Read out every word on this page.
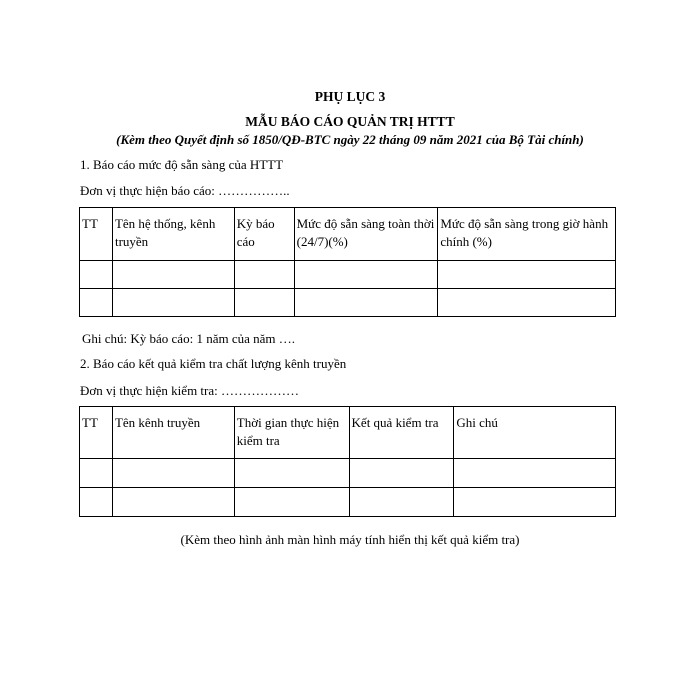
PHỤ LỤC 3
MẪU BÁO CÁO QUẢN TRỊ HTTT
(Kèm theo Quyết định số 1850/QĐ-BTC ngày 22 tháng 09 năm 2021 của Bộ Tài chính)
1. Báo cáo mức độ sẵn sàng của HTTT
Đơn vị thực hiện báo cáo: ……………..
TT	Tên hệ thống, kênh truyền	Kỳ báo cáo	Mức độ sẵn sàng toàn thời (24/7)(%)	Mức độ sẵn sàng trong giờ hành chính (%)

Ghi chú: Kỳ báo cáo: 1 năm của năm ….
2. Báo cáo kết quả kiểm tra chất lượng kênh truyền
Đơn vị thực hiện kiểm tra: ………………
TT	Tên kênh truyền	Thời gian thực hiện kiểm tra	Kết quả kiểm tra	Ghi chú

(Kèm theo hình ảnh màn hình máy tính hiển thị kết quả kiểm tra)
